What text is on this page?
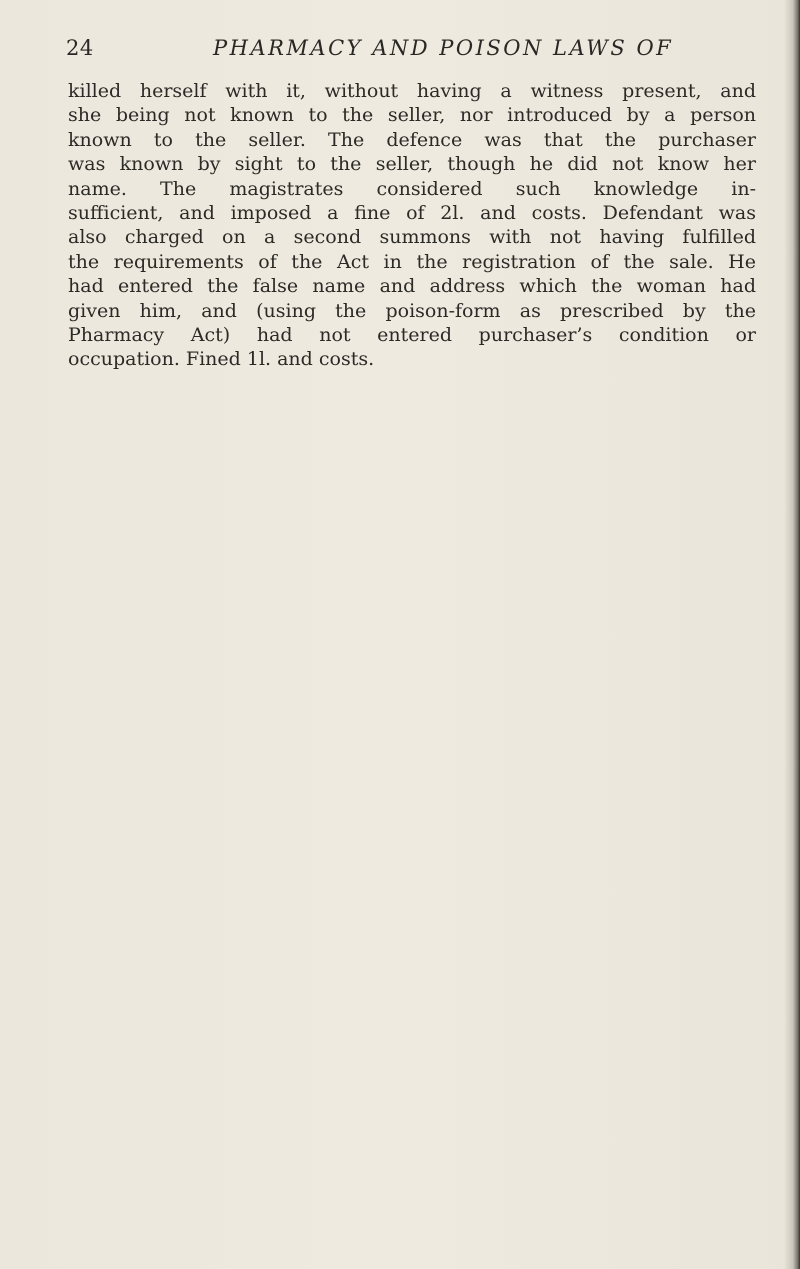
24	PHARMACY AND POISON LAWS OF
killed herself with it, without having a witness present, and
she being not known to the seller, nor introduced by a person
known to the seller. The defence was that the purchaser
was known by sight to the seller, though he did not know her
name. The magistrates considered such knowledge in-
sufficient, and imposed a fine of 2l. and costs. Defendant was
also charged on a second summons with not having fulfilled
the requirements of the Act in the registration of the sale. He
had entered the false name and address which the woman had
given him, and (using the poison-form as prescribed by the
Pharmacy Act) had not entered purchaser’s condition or
occupation. Fined 1l. and costs.
